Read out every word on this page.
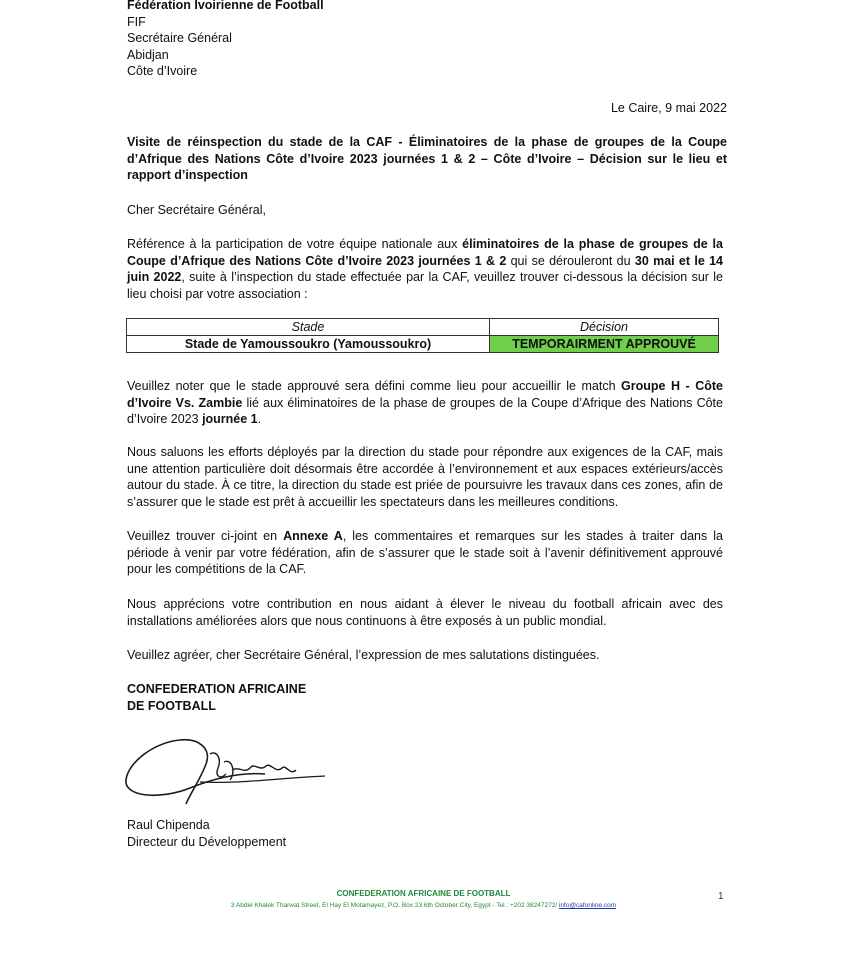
Fédération Ivoirienne de Football
FIF
Secrétaire Général
Abidjan
Côte d’Ivoire
Le Caire, 9 mai 2022
Visite de réinspection du stade de la CAF - Éliminatoires de la phase de groupes de la Coupe d’Afrique des Nations Côte d’Ivoire 2023 journées 1 & 2 – Côte d’Ivoire – Décision sur le lieu et rapport d’inspection
Cher Secrétaire Général,
Référence à la participation de votre équipe nationale aux éliminatoires de la phase de groupes de la Coupe d’Afrique des Nations Côte d’Ivoire 2023 journées 1 & 2 qui se dérouleront du 30 mai et le 14 juin 2022, suite à l’inspection du stade effectuée par la CAF, veuillez trouver ci-dessous la décision sur le lieu choisi par votre association :
Stade	Décision
Stade de Yamoussoukro (Yamoussoukro)	TEMPORAIRMENT APPROUVÉ
Veuillez noter que le stade approuvé sera défini comme lieu pour accueillir le match Groupe H - Côte d’Ivoire Vs. Zambie lié aux éliminatoires de la phase de groupes de la Coupe d’Afrique des Nations Côte d’Ivoire 2023 journée 1.
Nous saluons les efforts déployés par la direction du stade pour répondre aux exigences de la CAF, mais une attention particulière doit désormais être accordée à l’environnement et aux espaces extérieurs/accès autour du stade. À ce titre, la direction du stade est priée de poursuivre les travaux dans ces zones, afin de s’assurer que le stade est prêt à accueillir les spectateurs dans les meilleures conditions.
Veuillez trouver ci-joint en Annexe A, les commentaires et remarques sur les stades à traiter dans la période à venir par votre fédération, afin de s’assurer que le stade soit à l’avenir définitivement approuvé pour les compétitions de la CAF.
Nous apprécions votre contribution en nous aidant à élever le niveau du football africain avec des installations améliorées alors que nous continuons à être exposés à un public mondial.
Veuillez agréer, cher Secrétaire Général, l’expression de mes salutations distinguées.
CONFEDERATION AFRICAINE
DE FOOTBALL
Raul Chipenda
Directeur du Développement
CONFEDERATION AFRICAINE DE FOOTBALL
3 Abdel Khalek Tharwat Street, El Hay El Motamayez, P.O. Box 23 6th October City, Egypt - Tel.: +202 38247272/ info@cafonline.com
1
